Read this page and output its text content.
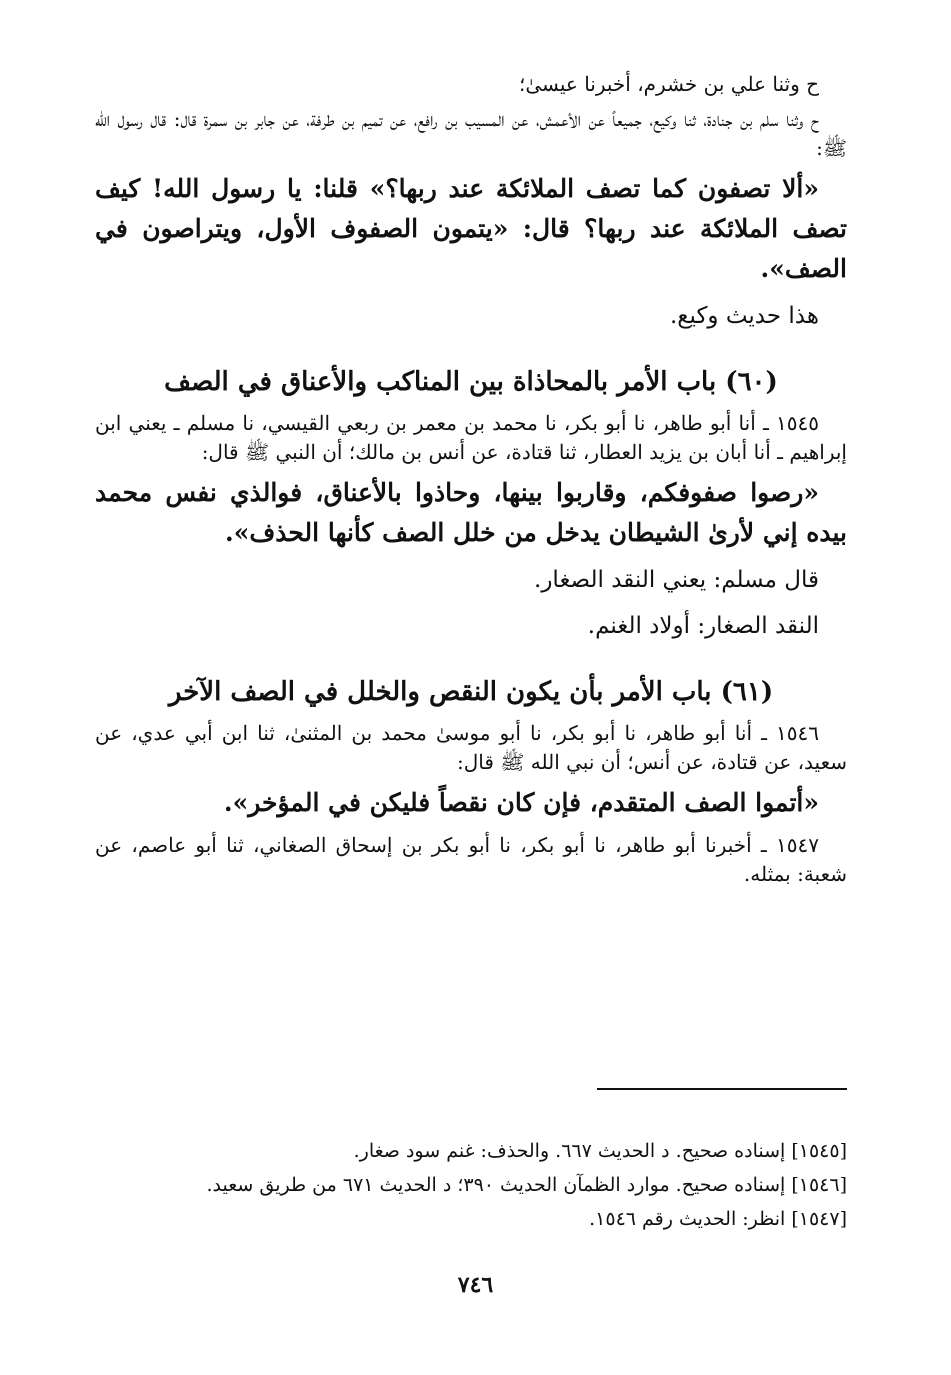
ح وثنا علي بن خشرم، أخبرنا عيسىٰ؛

ح وثنا سلم بن جنادة، ثنا وكيع، جميعاً عن الأعمش، عن المسيب بن رافع، عن تميم بن طرفة، عن جابر بن سمرة قال: قال رسول الله ﷺ:

«ألا تصفون كما تصف الملائكة عند ربها؟» قلنا: يا رسول الله! كيف تصف الملائكة عند ربها؟ قال: «يتمون الصفوف الأول، ويتراصون في الصف».

هذا حديث وكيع.

(٦٠) باب الأمر بالمحاذاة بين المناكب والأعناق في الصف

١٥٤٥ ـ أنا أبو طاهر، نا أبو بكر، نا محمد بن معمر بن ربعي القيسي، نا مسلم ـ يعني ابن إبراهيم ـ أنا أبان بن يزيد العطار، ثنا قتادة، عن أنس بن مالك؛ أن النبي ﷺ قال:

«رصوا صفوفكم، وقاربوا بينها، وحاذوا بالأعناق، فوالذي نفس محمد بيده إني لأرىٰ الشيطان يدخل من خلل الصف كأنها الحذف».

قال مسلم: يعني النقد الصغار.

النقد الصغار: أولاد الغنم.

(٦١) باب الأمر بأن يكون النقص والخلل في الصف الآخر

١٥٤٦ ـ أنا أبو طاهر، نا أبو بكر، نا أبو موسىٰ محمد بن المثنىٰ، ثنا ابن أبي عدي، عن سعيد، عن قتادة، عن أنس؛ أن نبي الله ﷺ قال:

«أتموا الصف المتقدم، فإن كان نقصاً فليكن في المؤخر».

١٥٤٧ ـ أخبرنا أبو طاهر، نا أبو بكر، نا أبو بكر بن إسحاق الصغاني، ثنا أبو عاصم، عن شعبة: بمثله.

[١٥٤٥] إسناده صحيح. د الحديث ٦٦٧. والحذف: غنم سود صغار.

[١٥٤٦] إسناده صحيح. موارد الظمآن الحديث ٣٩٠؛ د الحديث ٦٧١ من طريق سعيد.

[١٥٤٧] انظر: الحديث رقم ١٥٤٦.

٧٤٦
